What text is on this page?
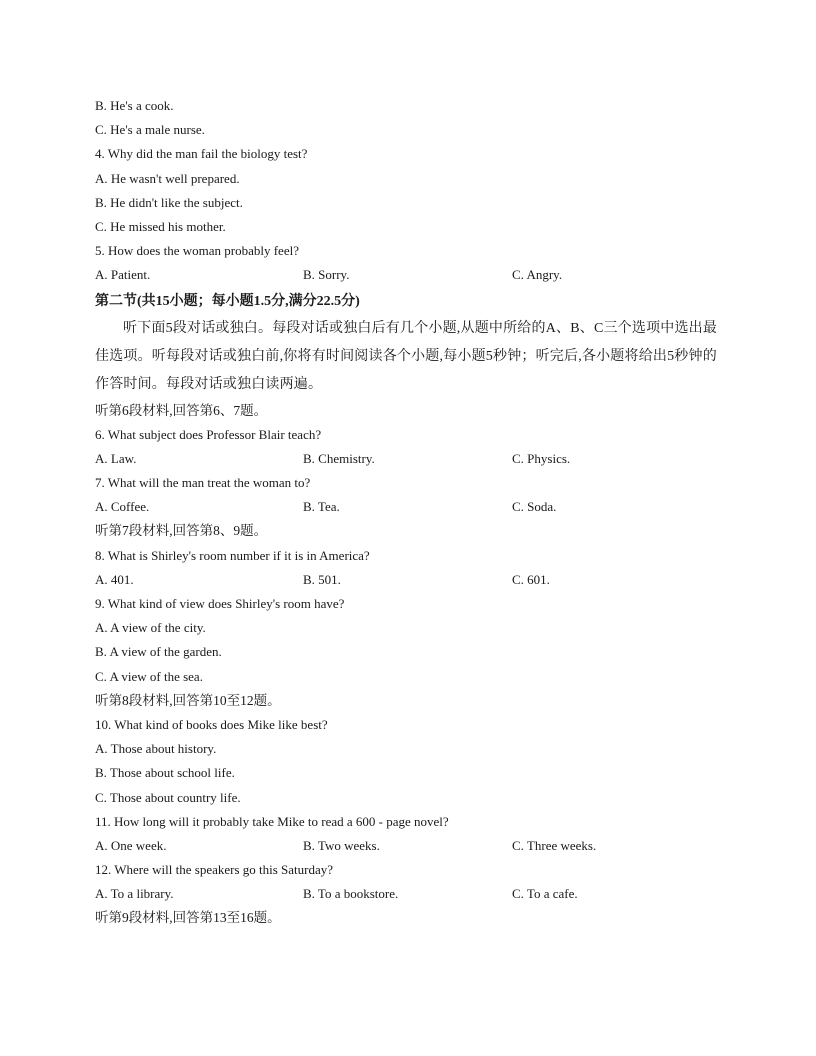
B. He's a cook.
C. He's a male nurse.
4. Why did the man fail the biology test?
A. He wasn't well prepared.
B. He didn't like the subject.
C. He missed his mother.
5. How does the woman probably feel?
A. Patient.	B. Sorry.	C. Angry.
第二节(共15小题；每小题1.5分,满分22.5分)
听下面5段对话或独白。每段对话或独白后有几个小题,从题中所给的A、B、C三个选项中选出最佳选项。听每段对话或独白前,你将有时间阅读各个小题,每小题5秒钟；听完后,各小题将给出5秒钟的作答时间。每段对话或独白读两遍。
听第6段材料,回答第6、7题。
6. What subject does Professor Blair teach?
A. Law.	B. Chemistry.	C. Physics.
7. What will the man treat the woman to?
A. Coffee.	B. Tea.	C. Soda.
听第7段材料,回答第8、9题。
8. What is Shirley's room number if it is in America?
A. 401.	B. 501.	C. 601.
9. What kind of view does Shirley's room have?
A. A view of the city.
B. A view of the garden.
C. A view of the sea.
听第8段材料,回答第10至12题。
10. What kind of books does Mike like best?
A. Those about history.
B. Those about school life.
C. Those about country life.
11. How long will it probably take Mike to read a 600 - page novel?
A. One week.	B. Two weeks.	C. Three weeks.
12. Where will the speakers go this Saturday?
A. To a library.	B. To a bookstore.	C. To a cafe.
听第9段材料,回答第13至16题。
